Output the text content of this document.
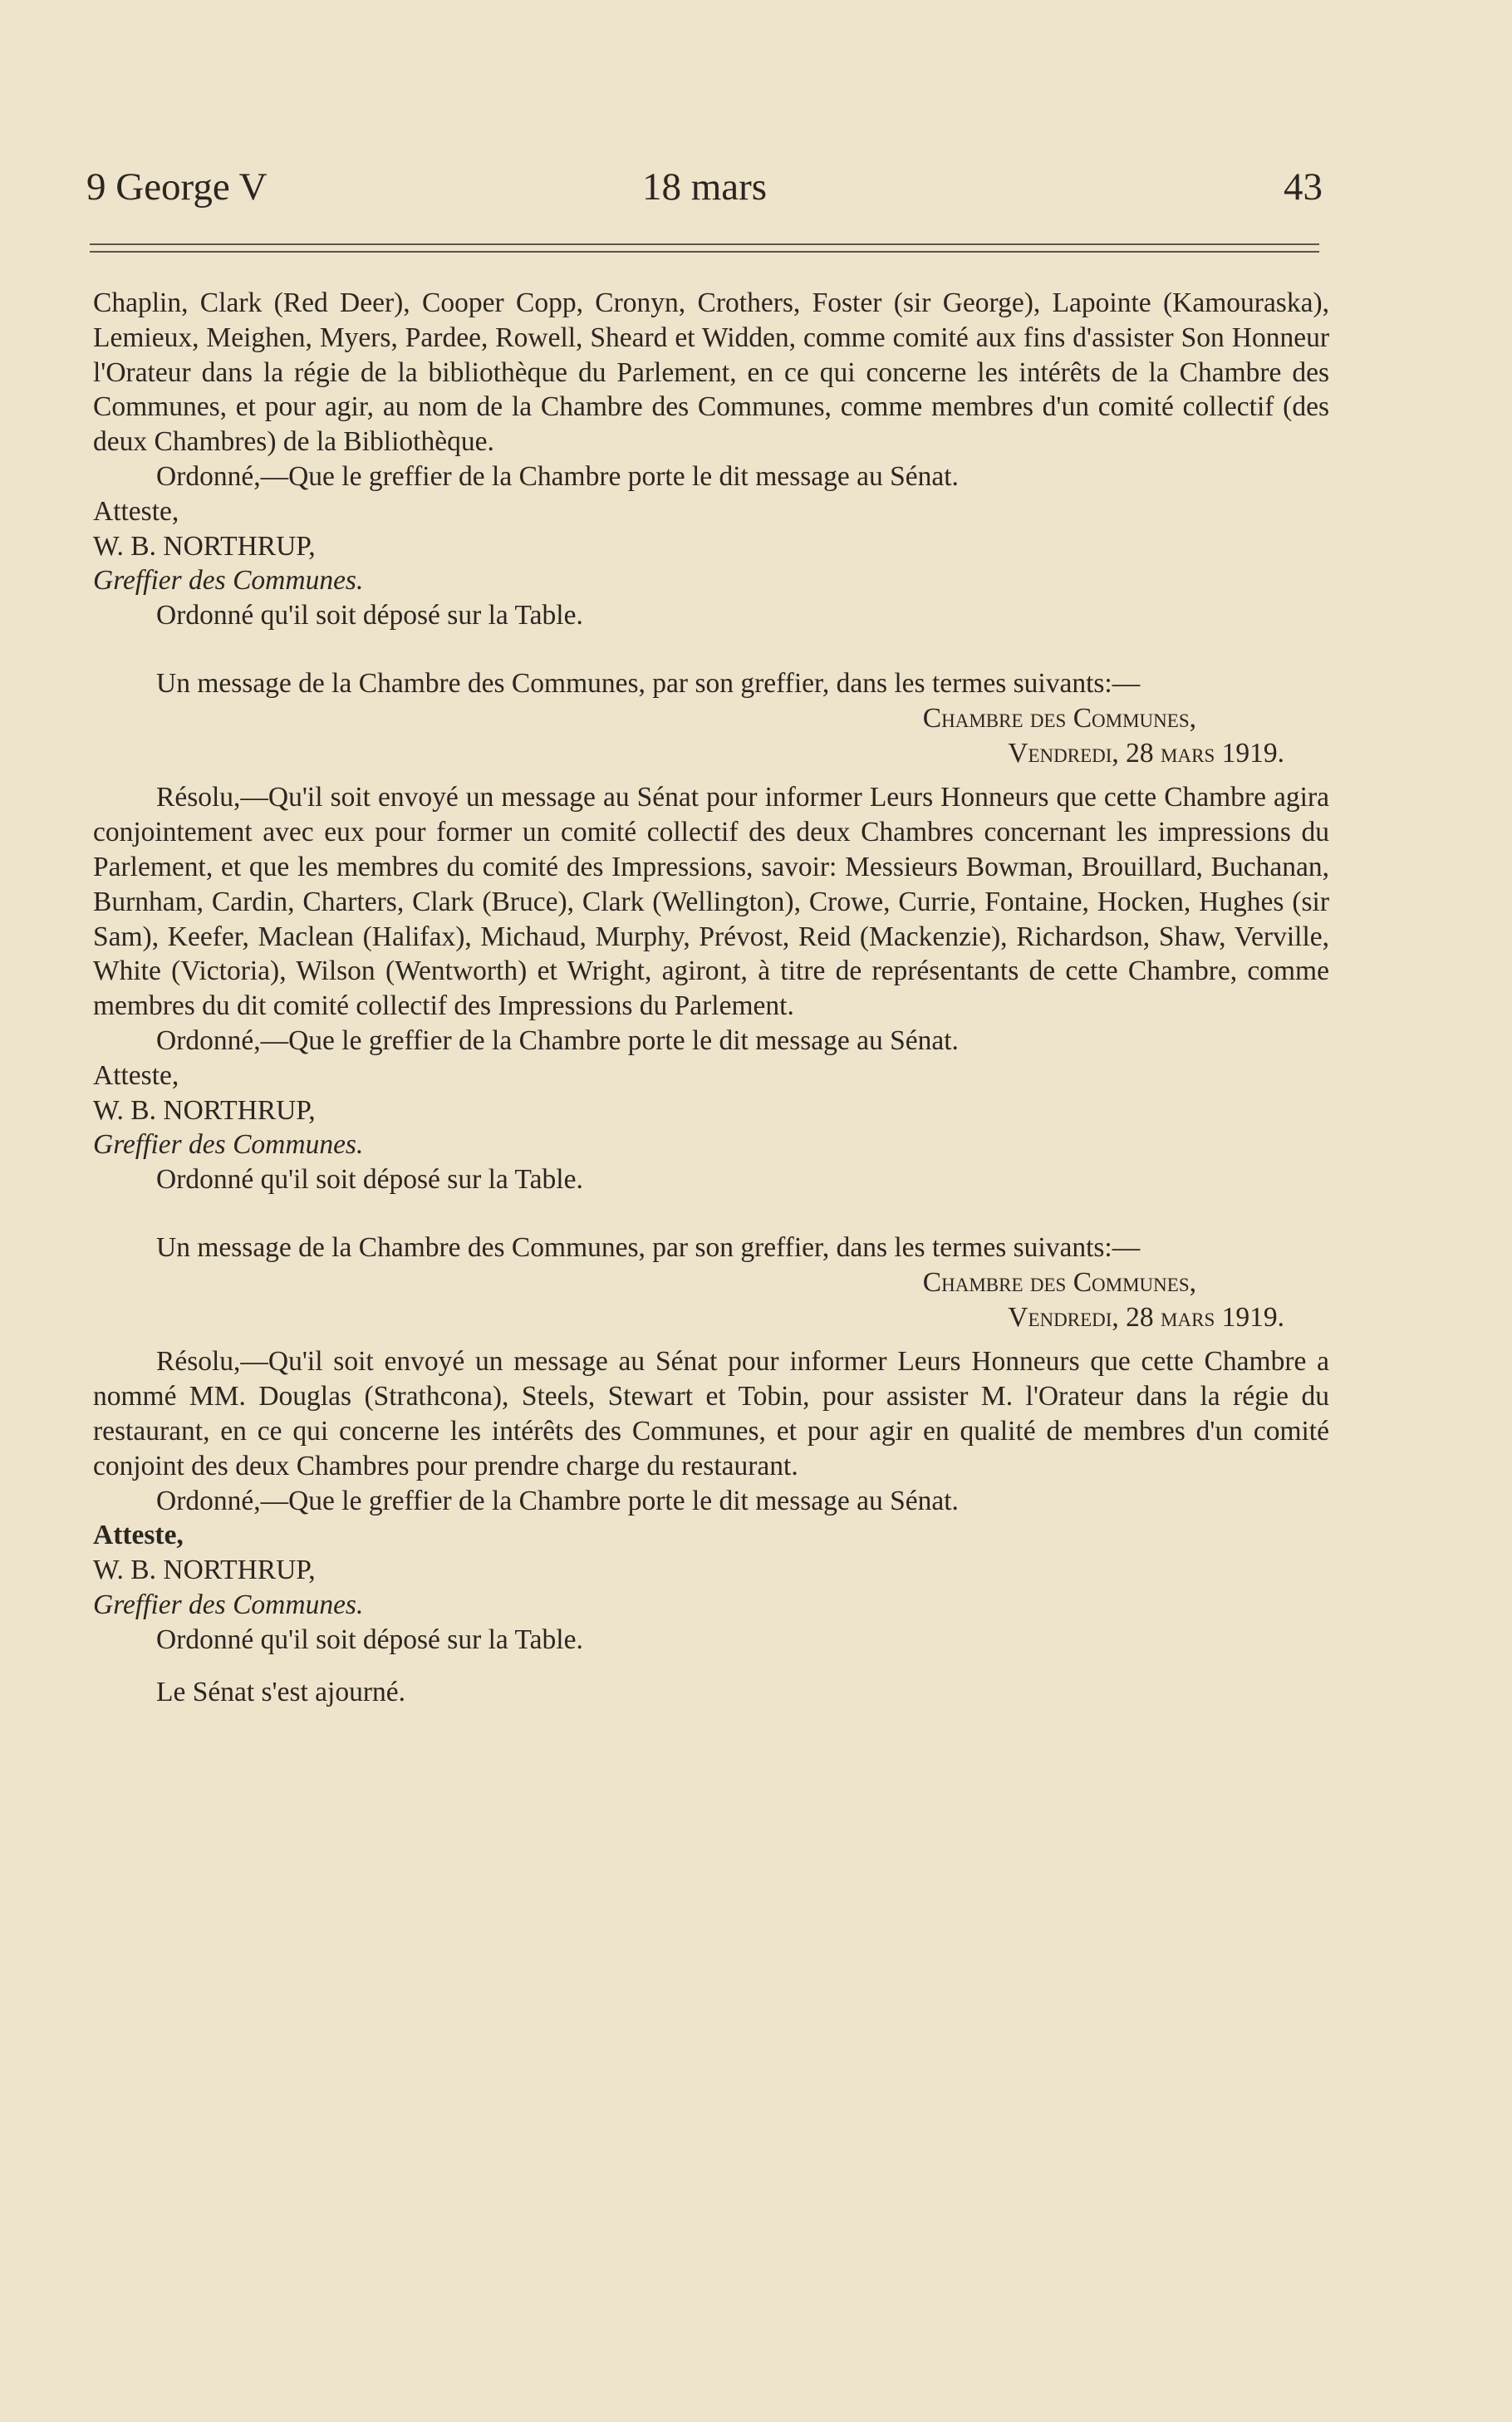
9 George V	18 mars	43

Chaplin, Clark (Red Deer), Cooper Copp, Cronyn, Crothers, Foster (sir George), Lapointe (Kamouraska), Lemieux, Meighen, Myers, Pardee, Rowell, Sheard et Widden, comme comité aux fins d'assister Son Honneur l'Orateur dans la régie de la bibliothèque du Parlement, en ce qui concerne les intérêts de la Chambre des Communes, et pour agir, au nom de la Chambre des Communes, comme membres d'un comité collectif (des deux Chambres) de la Bibliothèque.

Ordonné,—Que le greffier de la Chambre porte le dit message au Sénat.

Atteste,

W. B. NORTHRUP,

Greffier des Communes.

Ordonné qu'il soit déposé sur la Table.

Un message de la Chambre des Communes, par son greffier, dans les termes suivants:—

Chambre des Communes,

Vendredi, 28 mars 1919.

Résolu,—Qu'il soit envoyé un message au Sénat pour informer Leurs Honneurs que cette Chambre agira conjointement avec eux pour former un comité collectif des deux Chambres concernant les impressions du Parlement, et que les membres du comité des Impressions, savoir: Messieurs Bowman, Brouillard, Buchanan, Burnham, Cardin, Charters, Clark (Bruce), Clark (Wellington), Crowe, Currie, Fontaine, Hocken, Hughes (sir Sam), Keefer, Maclean (Halifax), Michaud, Murphy, Prévost, Reid (Mackenzie), Richardson, Shaw, Verville, White (Victoria), Wilson (Wentworth) et Wright, agiront, à titre de représentants de cette Chambre, comme membres du dit comité collectif des Impressions du Parlement.

Ordonné,—Que le greffier de la Chambre porte le dit message au Sénat.

Atteste,

W. B. NORTHRUP,

Greffier des Communes.

Ordonné qu'il soit déposé sur la Table.

Un message de la Chambre des Communes, par son greffier, dans les termes suivants:—

Chambre des Communes,

Vendredi, 28 mars 1919.

Résolu,—Qu'il soit envoyé un message au Sénat pour informer Leurs Honneurs que cette Chambre a nommé MM. Douglas (Strathcona), Steels, Stewart et Tobin, pour assister M. l'Orateur dans la régie du restaurant, en ce qui concerne les intérêts des Communes, et pour agir en qualité de membres d'un comité conjoint des deux Chambres pour prendre charge du restaurant.

Ordonné,—Que le greffier de la Chambre porte le dit message au Sénat.

Atteste,

W. B. NORTHRUP,

Greffier des Communes.

Ordonné qu'il soit déposé sur la Table.

Le Sénat s'est ajourné.
